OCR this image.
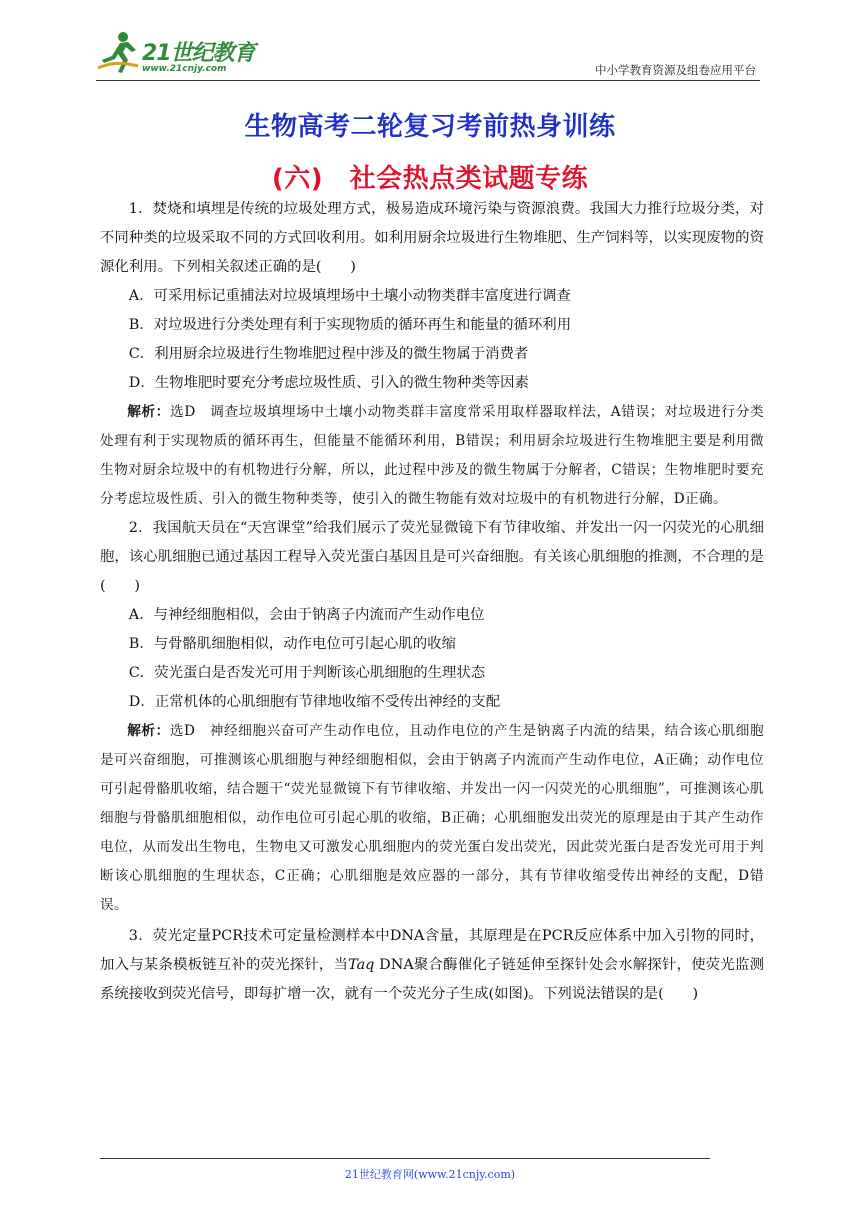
21世纪教育
www.21cnjy.com	中小学教育资源及组卷应用平台
生物高考二轮复习考前热身训练
(六)　社会热点类试题专练

1．焚烧和填埋是传统的垃圾处理方式，极易造成环境污染与资源浪费。我国大力推行垃圾分类，对不同种类的垃圾采取不同的方式回收利用。如利用厨余垃圾进行生物堆肥、生产饲料等，以实现废物的资源化利用。下列相关叙述正确的是(　　)

A．可采用标记重捕法对垃圾填埋场中土壤小动物类群丰富度进行调查

B．对垃圾进行分类处理有利于实现物质的循环再生和能量的循环利用

C．利用厨余垃圾进行生物堆肥过程中涉及的微生物属于消费者

D．生物堆肥时要充分考虑垃圾性质、引入的微生物种类等因素

解析：选D　调查垃圾填埋场中土壤小动物类群丰富度常采用取样器取样法，A错误；对垃圾进行分类处理有利于实现物质的循环再生，但能量不能循环利用，B错误；利用厨余垃圾进行生物堆肥主要是利用微生物对厨余垃圾中的有机物进行分解，所以，此过程中涉及的微生物属于分解者，C错误；生物堆肥时要充分考虑垃圾性质、引入的微生物种类等，使引入的微生物能有效对垃圾中的有机物进行分解，D正确。

2．我国航天员在“天宫课堂”给我们展示了荧光显微镜下有节律收缩、并发出一闪一闪荧光的心肌细胞，该心肌细胞已通过基因工程导入荧光蛋白基因且是可兴奋细胞。有关该心肌细胞的推测，不合理的是(　　)

A．与神经细胞相似，会由于钠离子内流而产生动作电位

B．与骨骼肌细胞相似，动作电位可引起心肌的收缩

C．荧光蛋白是否发光可用于判断该心肌细胞的生理状态

D．正常机体的心肌细胞有节律地收缩不受传出神经的支配

解析：选D　神经细胞兴奋可产生动作电位，且动作电位的产生是钠离子内流的结果，结合该心肌细胞是可兴奋细胞，可推测该心肌细胞与神经细胞相似，会由于钠离子内流而产生动作电位，A正确；动作电位可引起骨骼肌收缩，结合题干“荧光显微镜下有节律收缩、并发出一闪一闪荧光的心肌细胞”，可推测该心肌细胞与骨骼肌细胞相似，动作电位可引起心肌的收缩，B正确；心肌细胞发出荧光的原理是由于其产生动作电位，从而发出生物电，生物电又可激发心肌细胞内的荧光蛋白发出荧光，因此荧光蛋白是否发光可用于判断该心肌细胞的生理状态，C正确；心肌细胞是效应器的一部分，其有节律收缩受传出神经的支配，D错误。

3．荧光定量PCR技术可定量检测样本中DNA含量，其原理是在PCR反应体系中加入引物的同时，加入与某条模板链互补的荧光探针，当Taq DNA聚合酶催化子链延伸至探针处会水解探针，使荧光监测系统接收到荧光信号，即每扩增一次，就有一个荧光分子生成(如图)。下列说法错误的是(　　)

21世纪教育网(www.21cnjy.com)
